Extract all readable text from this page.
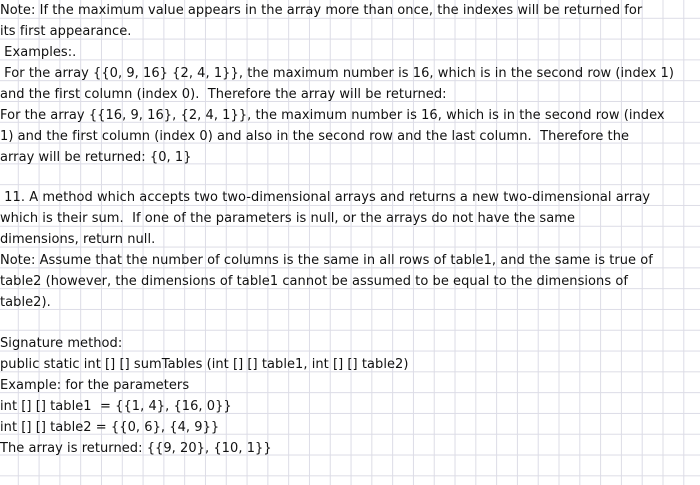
Note: If the maximum value appears in the array more than once, the indexes will be returned for
its first appearance.
Examples:.
For the array {{0, 9, 16} {2, 4, 1}}, the maximum number is 16, which is in the second row (index 1)
and the first column (index 0).  Therefore the array will be returned:
For the array {{16, 9, 16}, {2, 4, 1}}, the maximum number is 16, which is in the second row (index
1) and the first column (index 0) and also in the second row and the last column.  Therefore the
array will be returned: {0, 1}
11. A method which accepts two two-dimensional arrays and returns a new two-dimensional array
which is their sum.  If one of the parameters is null, or the arrays do not have the same
dimensions, return null.
Note: Assume that the number of columns is the same in all rows of table1, and the same is true of
table2 (however, the dimensions of table1 cannot be assumed to be equal to the dimensions of
table2).
Signature method:
public static int [] [] sumTables (int [] [] table1, int [] [] table2)
Example: for the parameters
int [] [] table1  = {{1, 4}, {16, 0}}
int [] [] table2 = {{0, 6}, {4, 9}}
The array is returned: {{9, 20}, {10, 1}}
